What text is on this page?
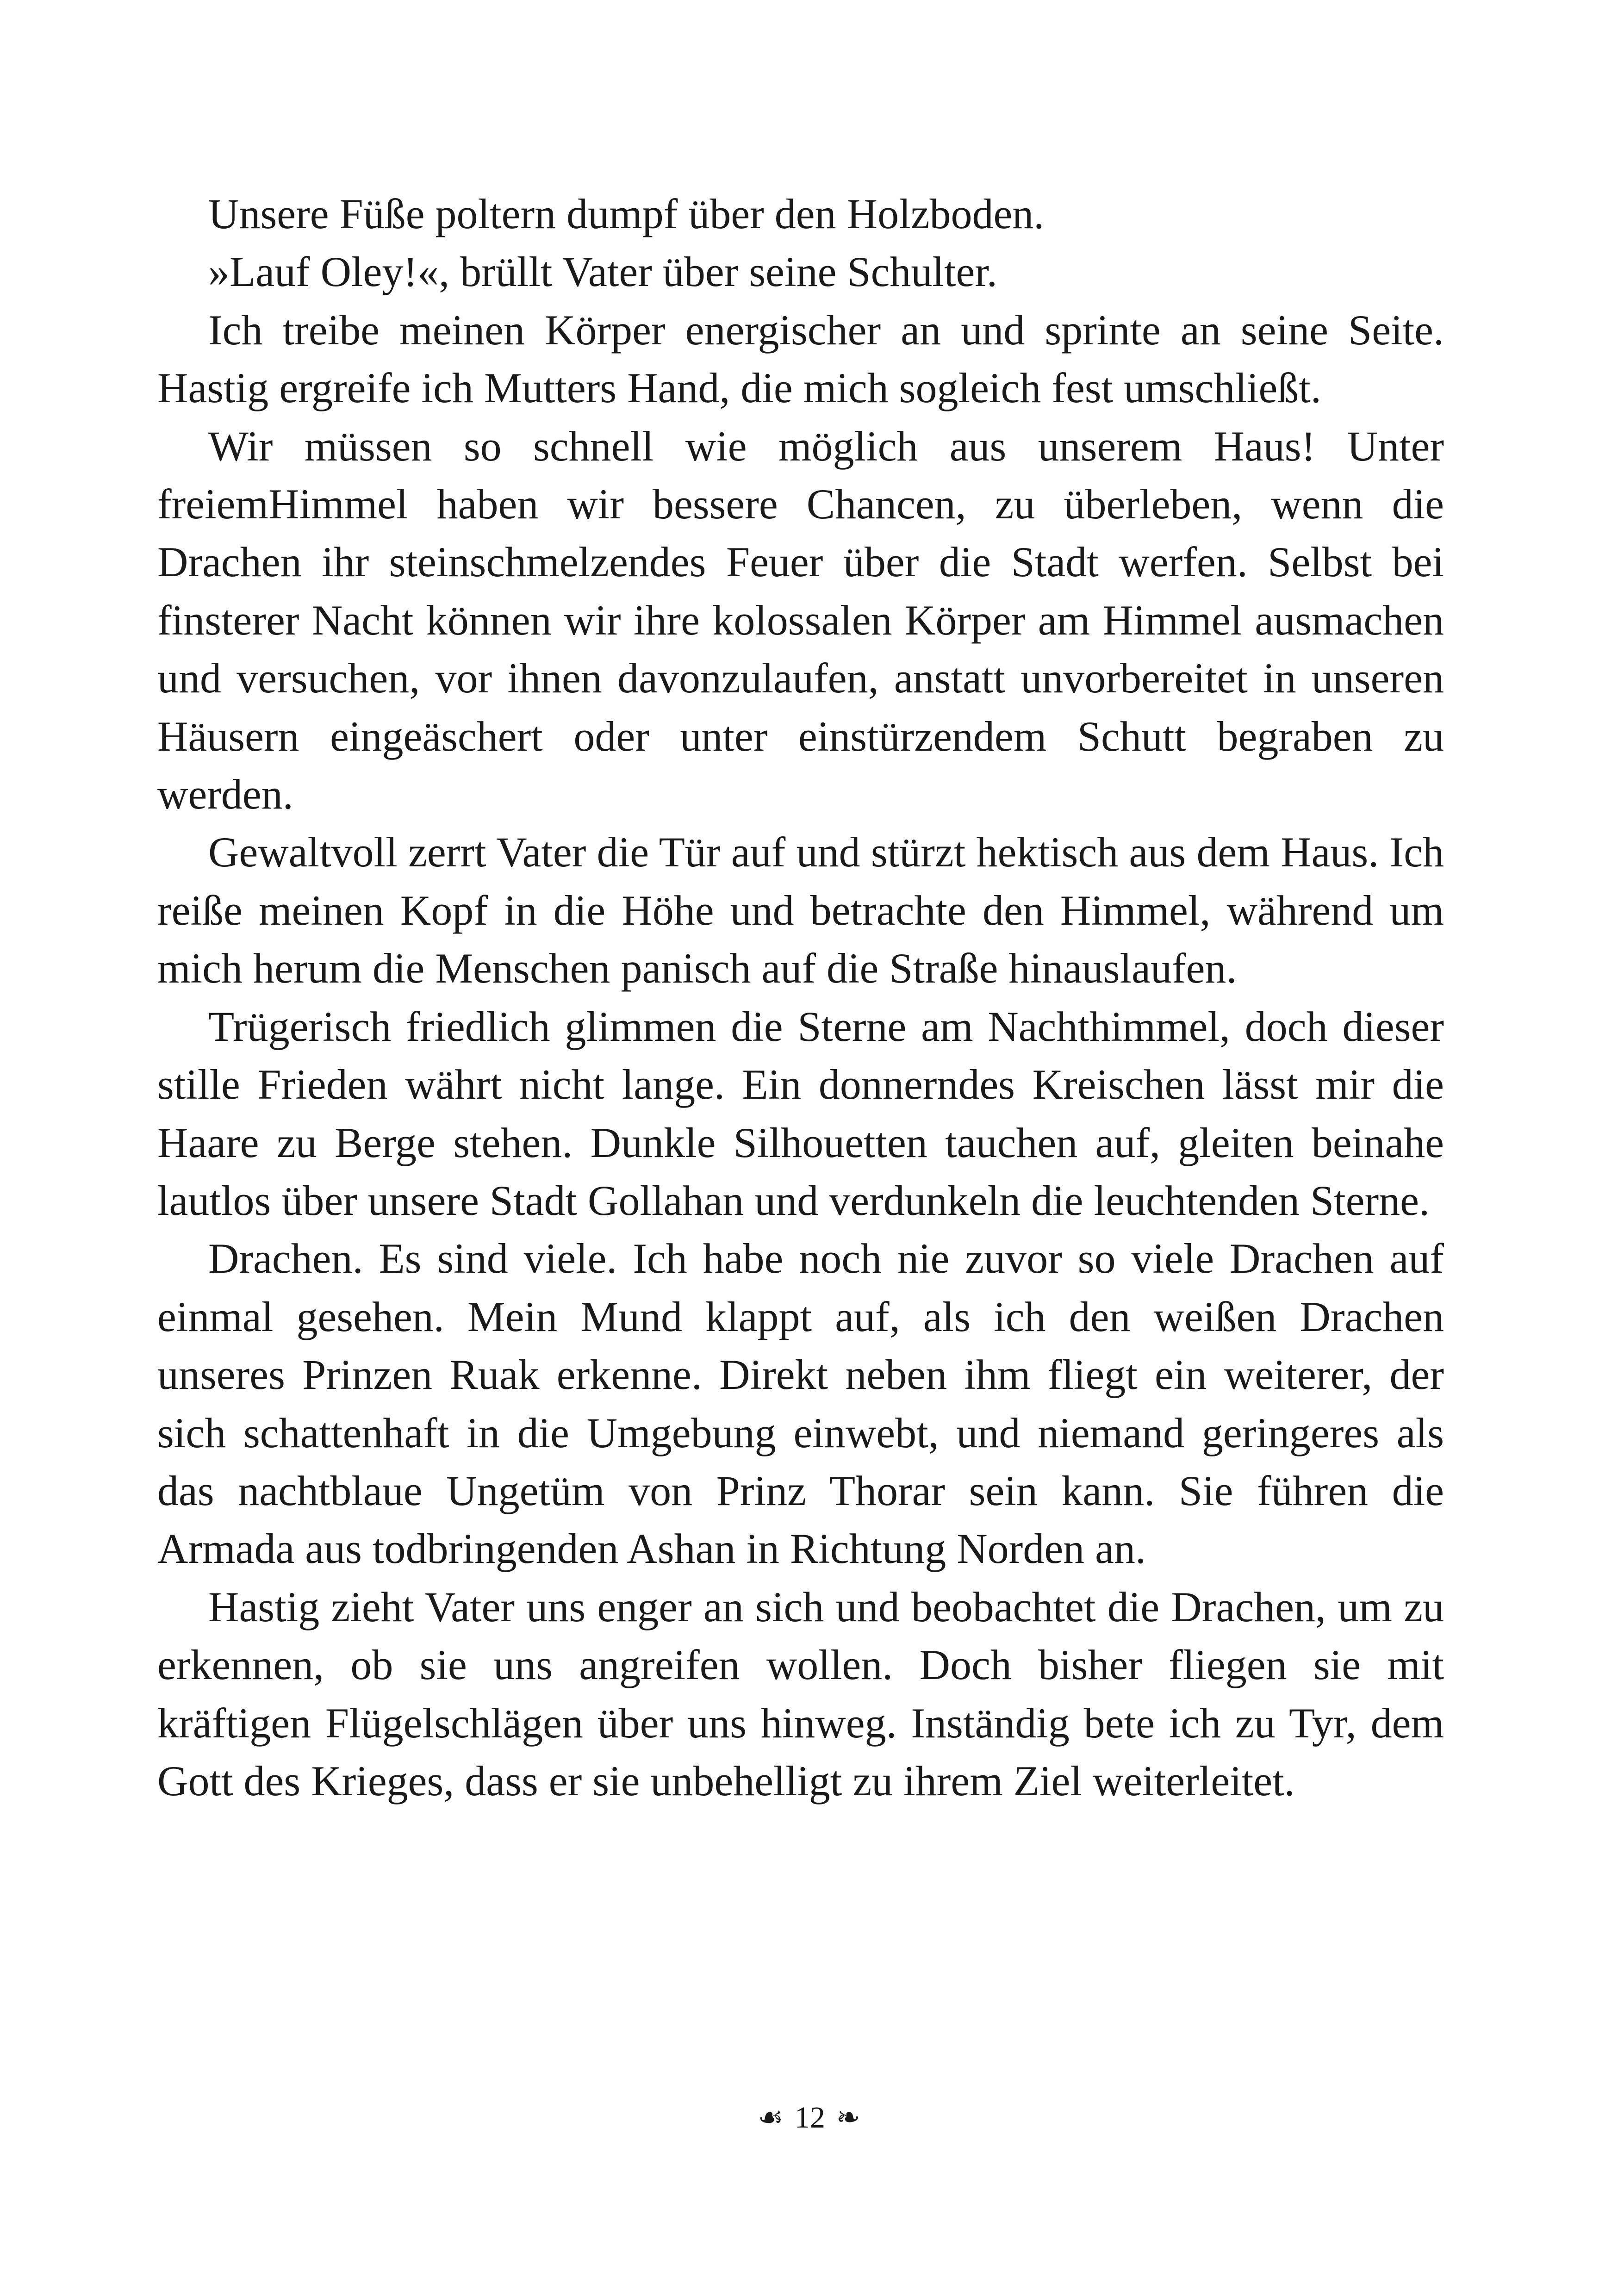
Unsere Füße poltern dumpf über den Holzboden.

»Lauf Oley!«, brüllt Vater über seine Schulter.

Ich treibe meinen Körper energischer an und sprinte an seine Seite. Hastig ergreife ich Mutters Hand, die mich sogleich fest umschließt.

Wir müssen so schnell wie möglich aus unserem Haus! Unter freiemHimmel haben wir bessere Chancen, zu überleben, wenn die Drachen ihr steinschmelzendes Feuer über die Stadt werfen. Selbst bei finsterer Nacht können wir ihre kolossalen Körper am Himmel ausmachen und versuchen, vor ihnen davonzulaufen, anstatt unvorbereitet in unseren Häusern eingeäschert oder unter einstürzendem Schutt begraben zu werden.

Gewaltvoll zerrt Vater die Tür auf und stürzt hektisch aus dem Haus. Ich reiße meinen Kopf in die Höhe und betrachte den Himmel, während um mich herum die Menschen panisch auf die Straße hinauslaufen.

Trügerisch friedlich glimmen die Sterne am Nachthimmel, doch dieser stille Frieden währt nicht lange. Ein donnerndes Kreischen lässt mir die Haare zu Berge stehen. Dunkle Silhouetten tauchen auf, gleiten beinahe lautlos über unsere Stadt Gollahan und verdunkeln die leuchtenden Sterne.

Drachen. Es sind viele. Ich habe noch nie zuvor so viele Drachen auf einmal gesehen. Mein Mund klappt auf, als ich den weißen Drachen unseres Prinzen Ruak erkenne. Direkt neben ihm fliegt ein weiterer, der sich schattenhaft in die Umgebung einwebt, und niemand geringeres als das nachtblaue Ungetüm von Prinz Thorar sein kann. Sie führen die Armada aus todbringenden Ashan in Richtung Norden an.

Hastig zieht Vater uns enger an sich und beobachtet die Drachen, um zu erkennen, ob sie uns angreifen wollen. Doch bisher fliegen sie mit kräftigen Flügelschlägen über uns hinweg. Inständig bete ich zu Tyr, dem Gott des Krieges, dass er sie unbehelligt zu ihrem Ziel weiterleitet.

☙ 12 ❧
